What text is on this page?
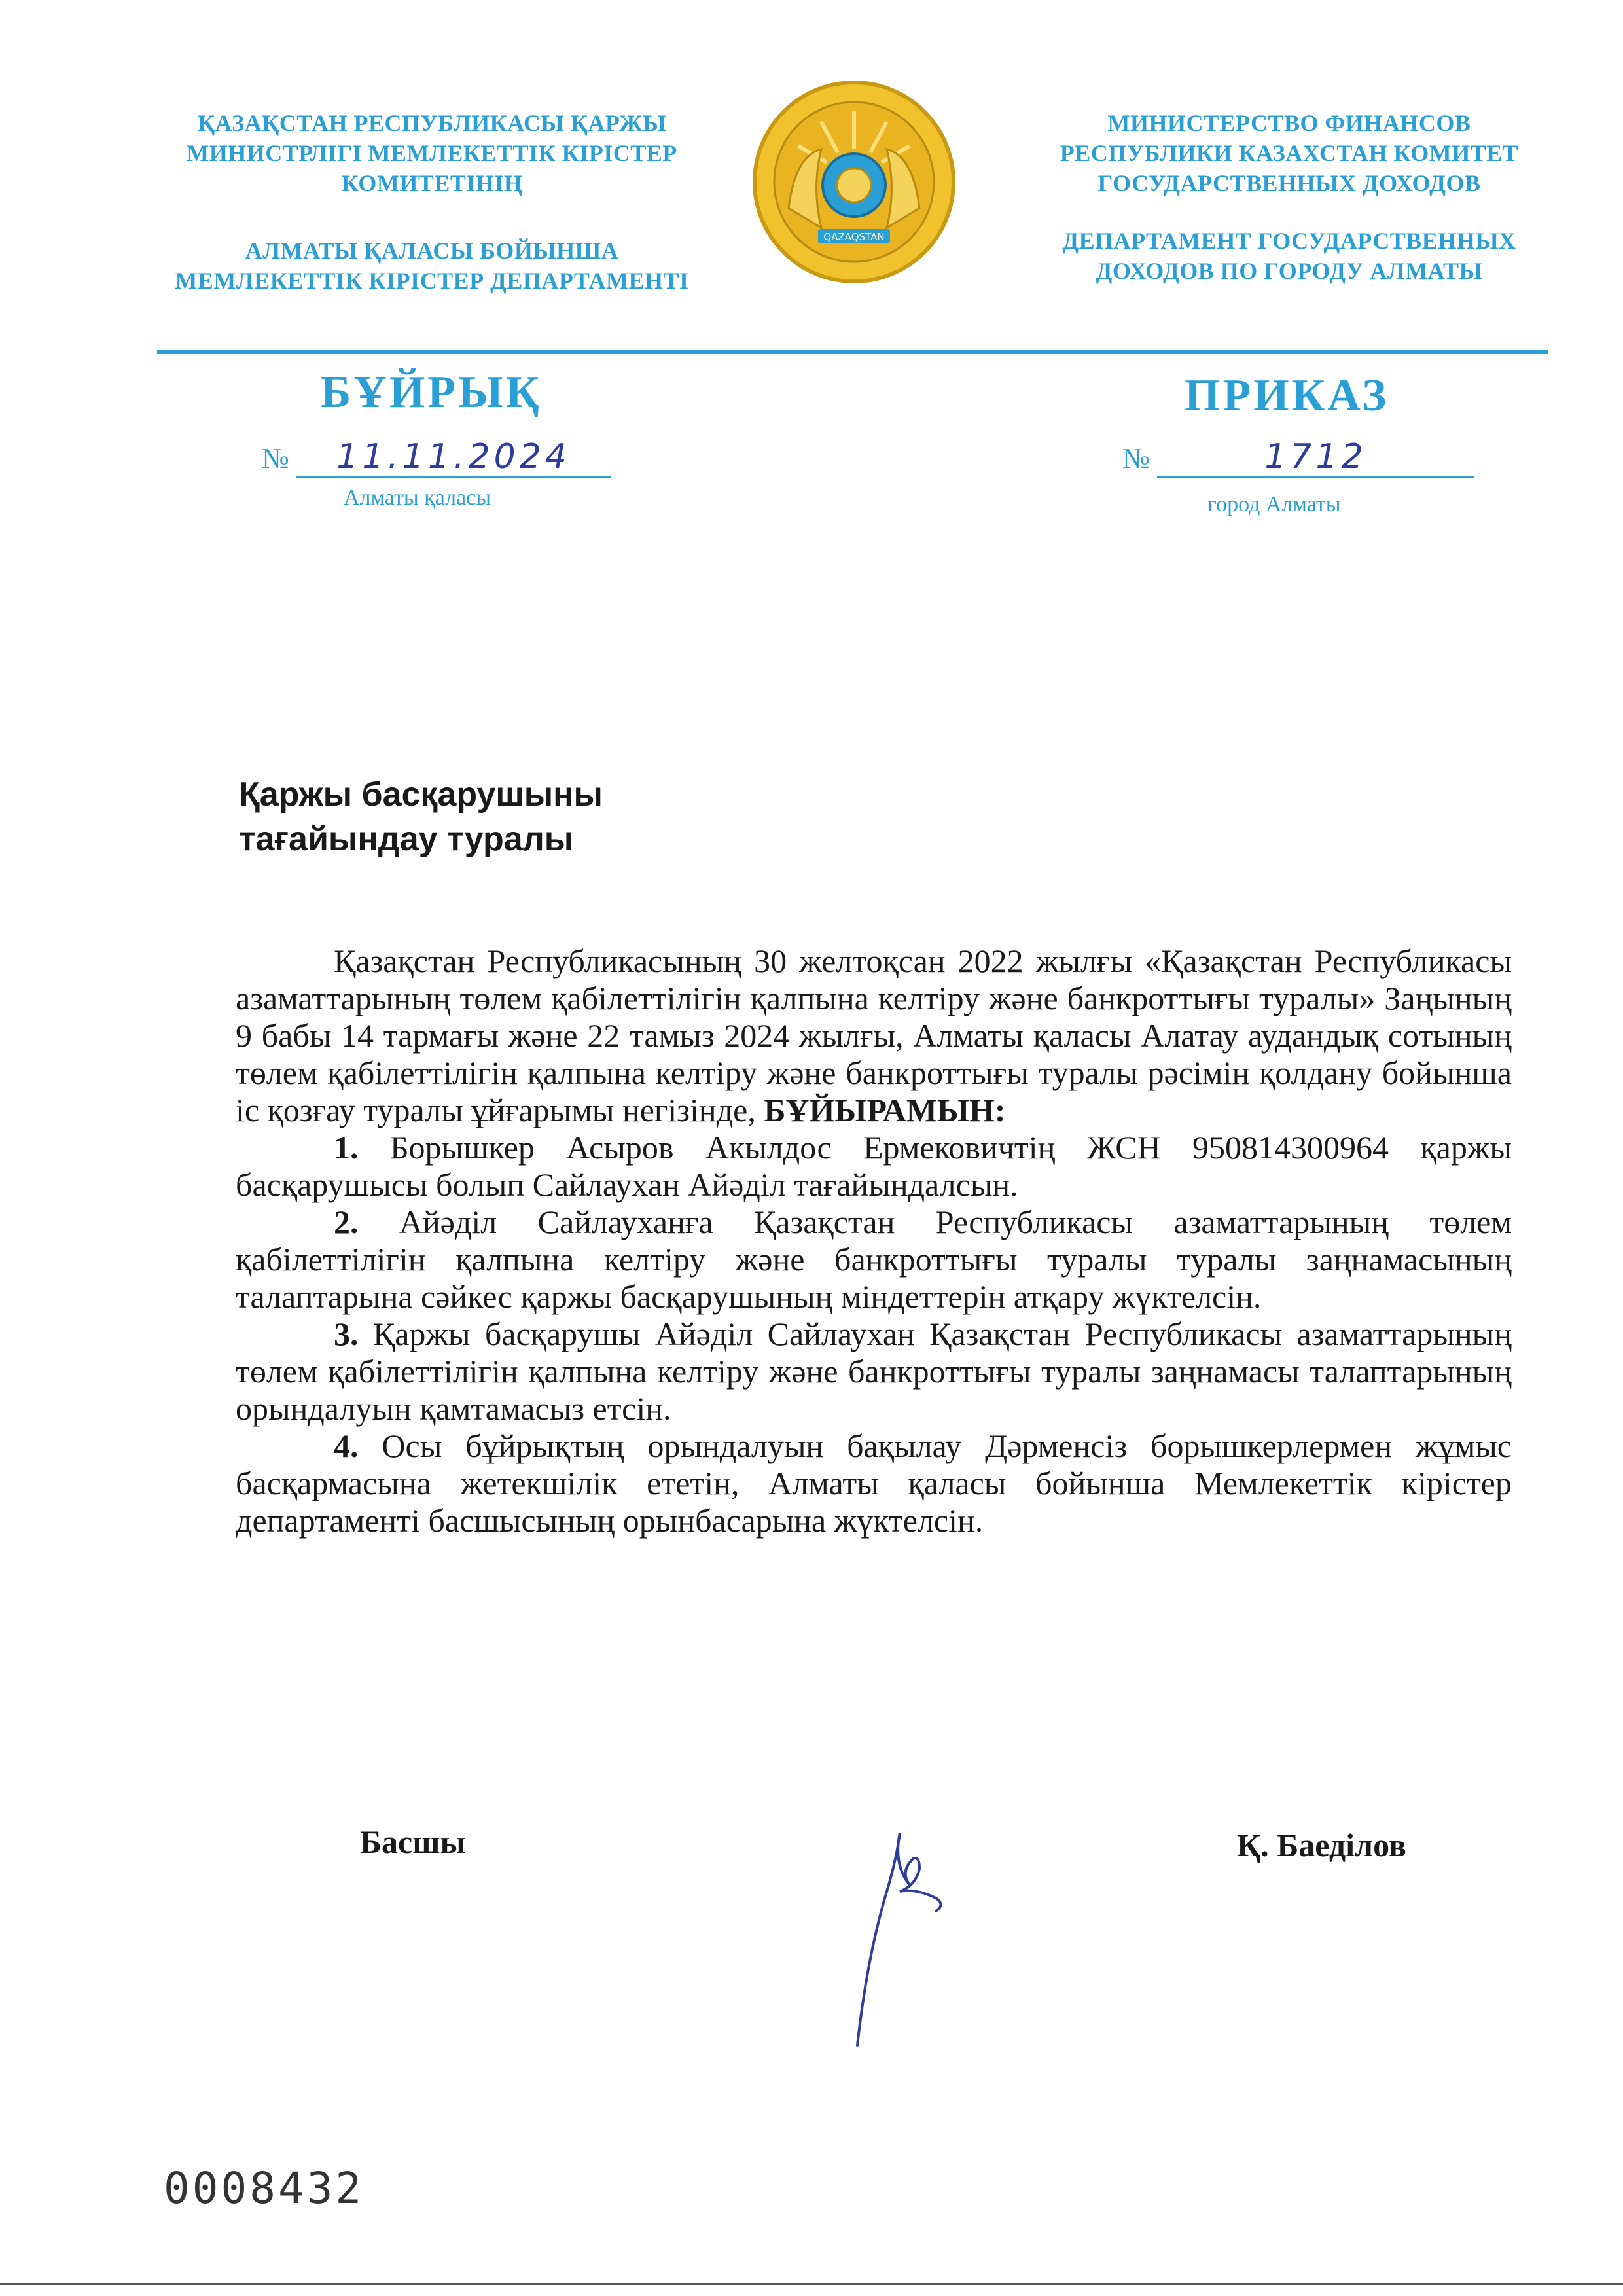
ҚАЗАҚСТАН РЕСПУБЛИКАСЫ ҚАРЖЫ МИНИСТРЛІГІ МЕМЛЕКЕТТІК КІРІСТЕР КОМИТЕТІНІҢ
АЛМАТЫ ҚАЛАСЫ БОЙЫНША МЕМЛЕКЕТТІК КІРІСТЕР ДЕПАРТАМЕНТІ
QAZAQSTAN
МИНИСТЕРСТВО ФИНАНСОВ РЕСПУБЛИКИ КАЗАХСТАН КОМИТЕТ ГОСУДАРСТВЕННЫХ ДОХОДОВ
ДЕПАРТАМЕНТ ГОСУДАРСТВЕННЫХ ДОХОДОВ ПО ГОРОДУ АЛМАТЫ
БҰЙРЫҚ	ПРИКАЗ
№ 11.11.2024	№	1712
Алматы қаласы	город Алматы
Қаржы басқарушыны
тағайындау туралы

Қазақстан Республикасының 30 желтоқсан 2022 жылғы «Қазақстан Республикасы азаматтарының төлем қабілеттілігін қалпына келтіру және банкроттығы туралы» Заңының 9 бабы 14 тармағы және 22 тамыз 2024 жылғы, Алматы қаласы Алатау аудандық сотының төлем қабілеттілігін қалпына келтіру және банкроттығы туралы рәсімін қолдану бойынша іс қозғау туралы ұйғарымы негізінде, БҰЙЫРАМЫН:

1. Борышкер Асыров Акылдос Ермековичтің ЖСН 950814300964 қаржы басқарушысы болып Сайлаухан Айәділ тағайындалсын.

2. Айәділ Сайлауханға Қазақстан Республикасы азаматтарының төлем қабілеттілігін қалпына келтіру және банкроттығы туралы туралы заңнамасының талаптарына сәйкес қаржы басқарушының міндеттерін атқару жүктелсін.

3. Қаржы басқарушы Айәділ Сайлаухан Қазақстан Республикасы азаматтарының төлем қабілеттілігін қалпына келтіру және банкроттығы туралы заңнамасы талаптарының орындалуын қамтамасыз етсін.

4. Осы бұйрықтың орындалуын бақылау Дәрменсіз борышкерлермен жұмыс басқармасына жетекшілік ететін, Алматы қаласы бойынша Мемлекеттік кірістер департаменті басшысының орынбасарына жүктелсін.

Басшы	Қ. Баеділов
0008432
